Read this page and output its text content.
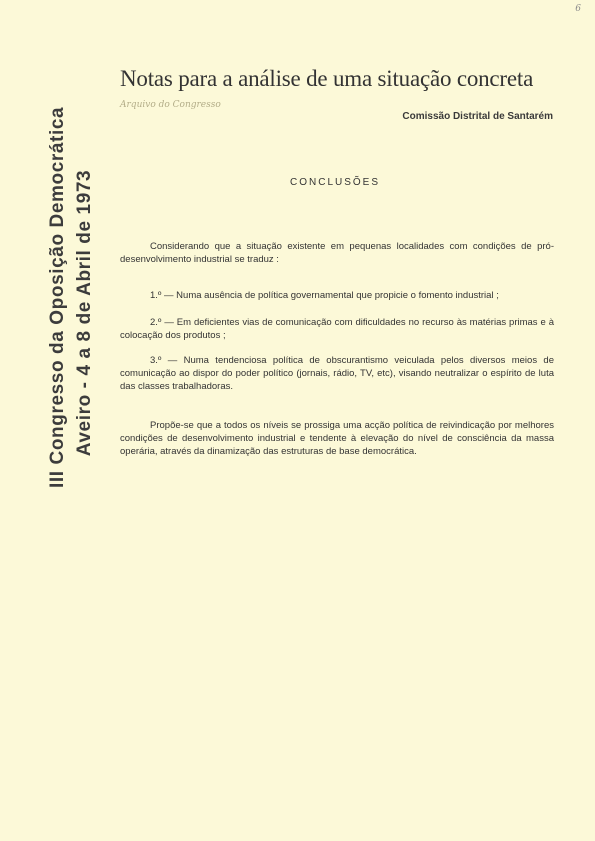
6
Notas para a análise de uma situação concreta
Arquivo do Congresso
Comissão Distrital de Santarém
III Congresso da Oposição Democrática Aveiro - 4 a 8 de Abril de 1973	CONCLUSÕES
Considerando que a situação existente em pequenas localidades com condições de pró-desenvolvimento industrial se traduz :
1.º — Numa ausência de política governamental que propicie o fomento industrial ;
2.º — Em deficientes vias de comunicação com dificuldades no recurso às matérias primas e à colocação dos produtos ;
3.º — Numa tendenciosa política de obscurantismo veiculada pelos diversos meios de comunicação ao dispor do poder político (jornais, rádio, TV, etc), visando neutralizar o espírito de luta das classes trabalhadoras.
Propõe-se que a todos os níveis se prossiga uma acção política de reivindicação por melhores condições de desenvolvimento industrial e tendente à elevação do nível de consciência da massa operária, através da dinamização das estruturas de base democrática.
